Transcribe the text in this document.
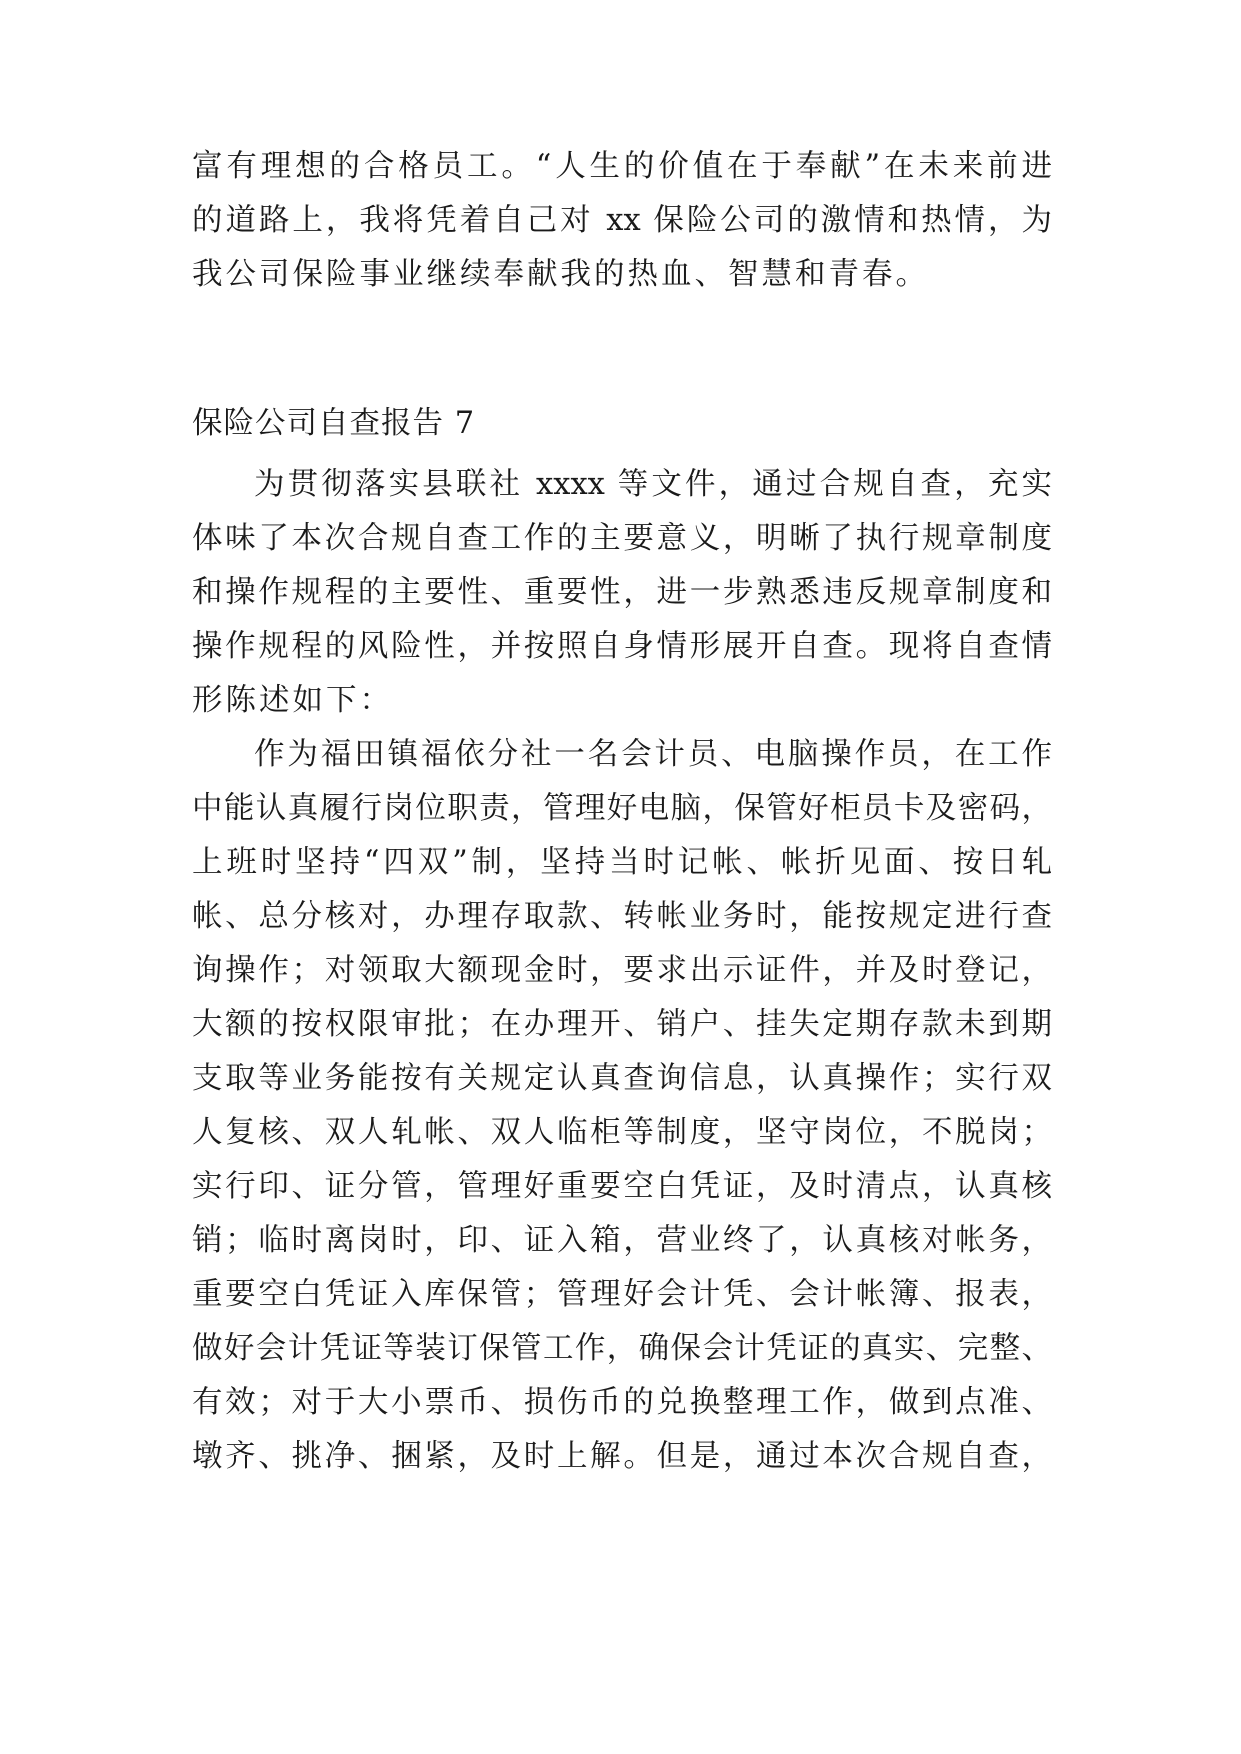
富有理想的合格员工。“人生的价值在于奉献”在未来前进
的道路上，我将凭着自己对 xx 保险公司的激情和热情，为
我公司保险事业继续奉献我的热血、智慧和青春。
保险公司自查报告 7
为贯彻落实县联社 xxxx 等文件，通过合规自查，充实
体味了本次合规自查工作的主要意义，明晰了执行规章制度
和操作规程的主要性、重要性，进一步熟悉违反规章制度和
操作规程的风险性，并按照自身情形展开自查。现将自查情
形陈述如下：
作为福田镇福依分社一名会计员、电脑操作员，在工作
中能认真履行岗位职责，管理好电脑，保管好柜员卡及密码，
上班时坚持“四双”制，坚持当时记帐、帐折见面、按日轧
帐、总分核对，办理存取款、转帐业务时，能按规定进行查
询操作；对领取大额现金时，要求出示证件，并及时登记，
大额的按权限审批；在办理开、销户、挂失定期存款未到期
支取等业务能按有关规定认真查询信息，认真操作；实行双
人复核、双人轧帐、双人临柜等制度，坚守岗位，不脱岗；
实行印、证分管，管理好重要空白凭证，及时清点，认真核
销；临时离岗时，印、证入箱，营业终了，认真核对帐务，
重要空白凭证入库保管；管理好会计凭、会计帐簿、报表，
做好会计凭证等装订保管工作，确保会计凭证的真实、完整、
有效；对于大小票币、损伤币的兑换整理工作，做到点准、
墩齐、挑净、捆紧，及时上解。但是，通过本次合规自查，
